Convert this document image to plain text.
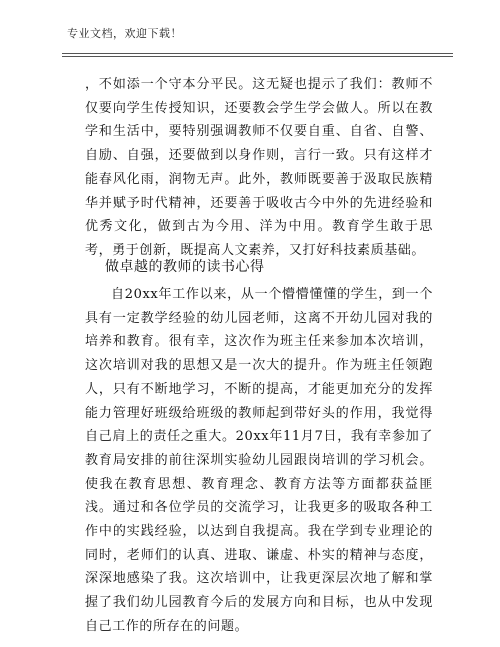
专业文档，欢迎下载！
，不如添一个守本分平民。这无疑也提示了我们：教师不仅要向学生传授知识，还要教会学生学会做人。所以在教学和生活中，要特别强调教师不仅要自重、自省、自警、自励、自强，还要做到以身作则，言行一致。只有这样才能春风化雨，润物无声。此外，教师既要善于汲取民族精华并赋予时代精神，还要善于吸收古今中外的先进经验和优秀文化，做到古为今用、洋为中用。教育学生敢于思考，勇于创新，既提高人文素养，又打好科技素质基础。
做卓越的教师的读书心得
自20xx年工作以来，从一个懵懵懂懂的学生，到一个具有一定教学经验的幼儿园老师，这离不开幼儿园对我的培养和教育。很有幸，这次作为班主任来参加本次培训，这次培训对我的思想又是一次大的提升。作为班主任领跑人，只有不断地学习，不断的提高，才能更加充分的发挥能力管理好班级给班级的教师起到带好头的作用，我觉得自己肩上的责任之重大。20xx年11月7日，我有幸参加了教育局安排的前往深圳实验幼儿园跟岗培训的学习机会。使我在教育思想、教育理念、教育方法等方面都获益匪浅。通过和各位学员的交流学习，让我更多的吸取各种工作中的实践经验，以达到自我提高。我在学到专业理论的同时，老师们的认真、进取、谦虚、朴实的精神与态度，深深地感染了我。这次培训中，让我更深层次地了解和掌握了我们幼儿园教育今后的发展方向和目标，也从中发现自己工作的所存在的问题。
